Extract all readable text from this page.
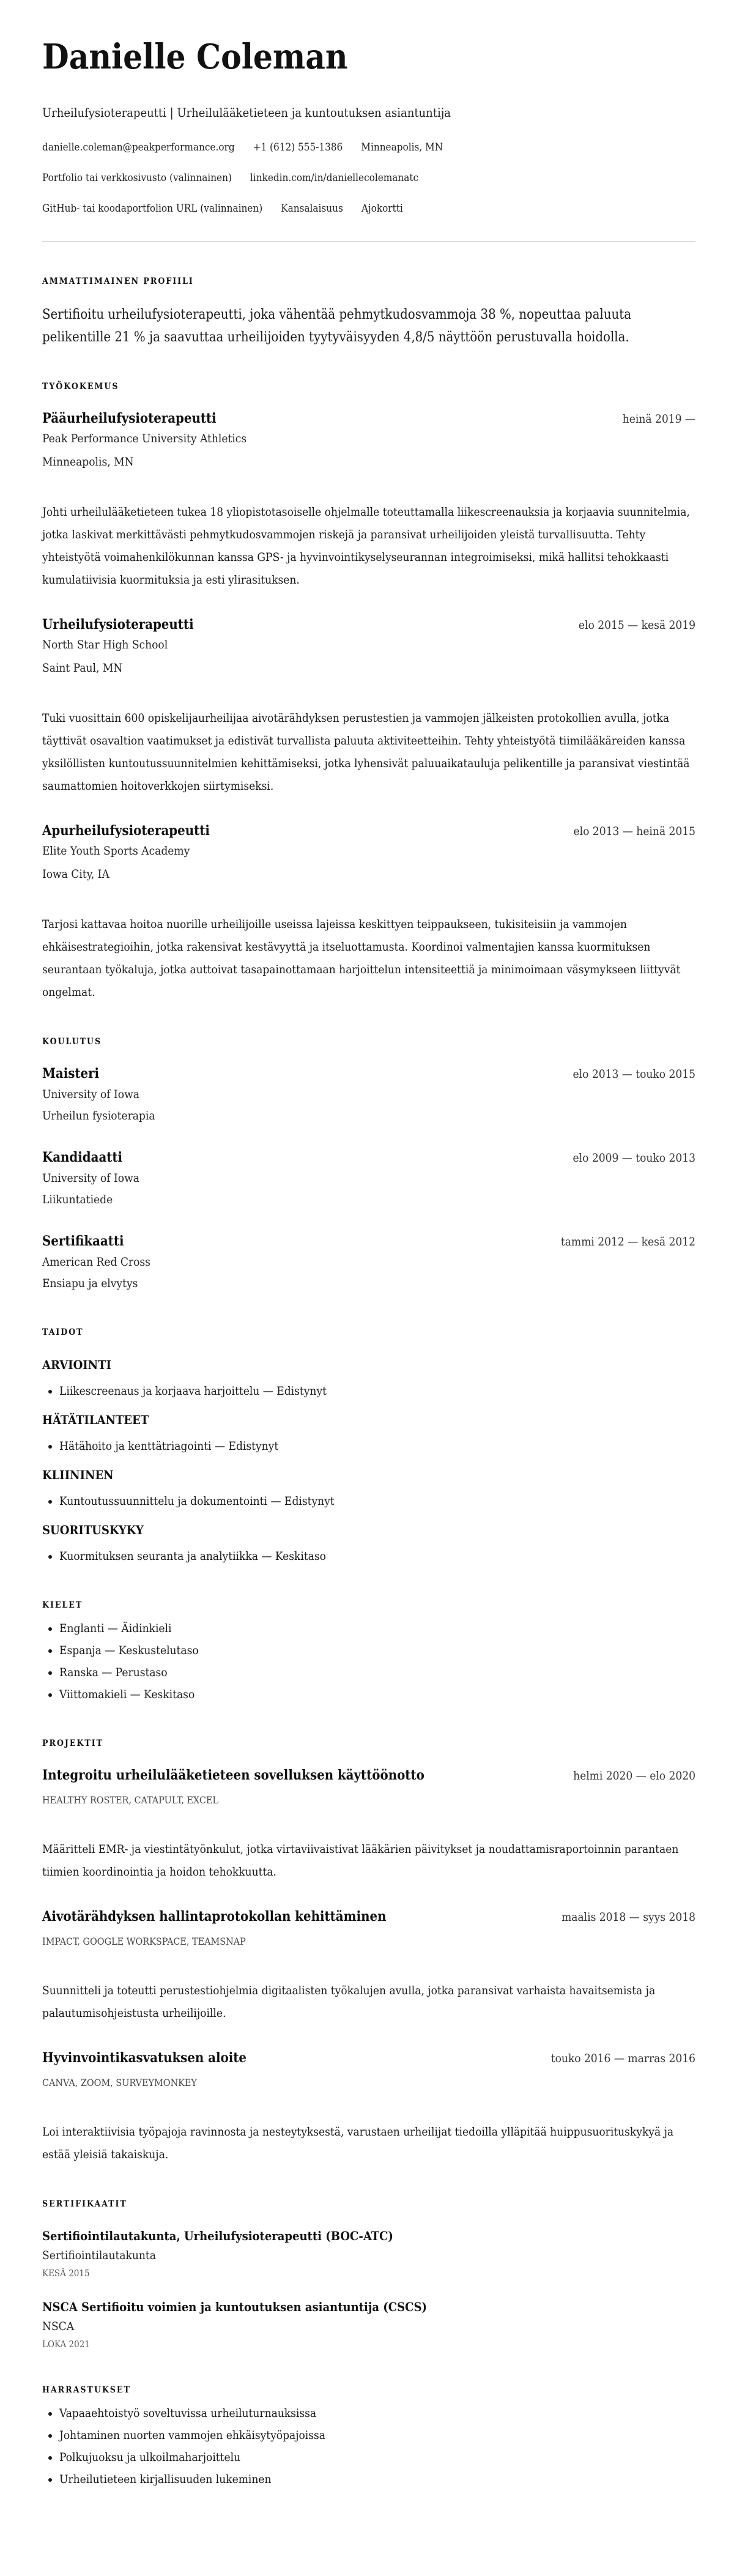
Danielle Coleman
Urheilufysioterapeutti | Urheilulääketieteen ja kuntoutuksen asiantuntija
danielle.coleman@peakperformance.org +1 (612) 555-1386 Minneapolis, MN
Portfolio tai verkkosivusto (valinnainen) linkedin.com/in/daniellecolemanatc
GitHub- tai koodaportfolion URL (valinnainen) Kansalaisuus Ajokortti
AMMATTIMAINEN PROFIILI
Sertifioitu urheilufysioterapeutti, joka vähentää pehmytkudosvammoja 38 %, nopeuttaa paluuta pelikentille 21 % ja saavuttaa urheilijoiden tyytyväisyyden 4,8/5 näyttöön perustuvalla hoidolla.
TYÖKOKEMUS
Pääurheilufysioterapeutti	heinä 2019 —
Peak Performance University Athletics
Minneapolis, MN
Johti urheilulääketieteen tukea 18 yliopistotasoiselle ohjelmalle toteuttamalla liikescreenauksia ja korjaavia suunnitelmia, jotka laskivat merkittävästi pehmytkudosvammojen riskejä ja paransivat urheilijoiden yleistä turvallisuutta. Tehty yhteistyötä voimahenkilökunnan kanssa GPS- ja hyvinvointikyselyseurannan integroimiseksi, mikä hallitsi tehokkaasti kumulatiivisia kuormituksia ja esti ylirasituksen.
Urheilufysioterapeutti	elo 2015 — kesä 2019
North Star High School
Saint Paul, MN
Tuki vuosittain 600 opiskelijaurheilijaa aivotärähdyksen perustestien ja vammojen jälkeisten protokollien avulla, jotka täyttivät osavaltion vaatimukset ja edistivät turvallista paluuta aktiviteetteihin. Tehty yhteistyötä tiimilääkäreiden kanssa yksilöllisten kuntoutussuunnitelmien kehittämiseksi, jotka lyhensivät paluuaikatauluja pelikentille ja paransivat viestintää saumattomien hoitoverkkojen siirtymiseksi.
Apurheilufysioterapeutti	elo 2013 — heinä 2015
Elite Youth Sports Academy
Iowa City, IA
Tarjosi kattavaa hoitoa nuorille urheilijoille useissa lajeissa keskittyen teippaukseen, tukisiteisiin ja vammojen ehkäisestrategioihin, jotka rakensivat kestävyyttä ja itseluottamusta. Koordinoi valmentajien kanssa kuormituksen seurantaan työkaluja, jotka auttoivat tasapainottamaan harjoittelun intensiteettiä ja minimoimaan väsymykseen liittyvät ongelmat.
KOULUTUS
Maisteri	elo 2013 — touko 2015
University of Iowa
Urheilun fysioterapia
Kandidaatti	elo 2009 — touko 2013
University of Iowa
Liikuntatiede
Sertifikaatti	tammi 2012 — kesä 2012
American Red Cross
Ensiapu ja elvytys
TAIDOT
ARVIOINTI
• Liikescreenaus ja korjaava harjoittelu — Edistynyt
HÄTÄTILANTEET
• Hätähoito ja kenttätriagointi — Edistynyt
KLIININEN
• Kuntoutussuunnittelu ja dokumentointi — Edistynyt
SUORITUSKYKY
• Kuormituksen seuranta ja analytiikka — Keskitaso
KIELET
• Englanti — Äidinkieli
• Espanja — Keskustelutaso
• Ranska — Perustaso
• Viittomakieli — Keskitaso
PROJEKTIT
Integroitu urheilulääketieteen sovelluksen käyttöönotto	helmi 2020 — elo 2020
HEALTHY ROSTER, CATAPULT, EXCEL
Määritteli EMR- ja viestintätyönkulut, jotka virtaviivaistivat lääkärien päivitykset ja noudattamisraportoinnin parantaen tiimien koordinointia ja hoidon tehokkuutta.
Aivotärähdyksen hallintaprotokollan kehittäminen	maalis 2018 — syys 2018
IMPACT, GOOGLE WORKSPACE, TEAMSNAP
Suunnitteli ja toteutti perustestiohjelmia digitaalisten työkalujen avulla, jotka paransivat varhaista havaitsemista ja palautumisohjeistusta urheilijoille.
Hyvinvointikasvatuksen aloite	touko 2016 — marras 2016
CANVA, ZOOM, SURVEYMONKEY
Loi interaktiivisia työpajoja ravinnosta ja nesteytyksestä, varustaen urheilijat tiedoilla ylläpitää huippusuorituskykyä ja estää yleisiä takaiskuja.
SERTIFIKAATIT
Sertifiointilautakunta, Urheilufysioterapeutti (BOC-ATC)
Sertifiointilautakunta
KESÄ 2015
NSCA Sertifioitu voimien ja kuntoutuksen asiantuntija (CSCS)
NSCA
LOKA 2021
HARRASTUKSET
• Vapaaehtoistyö soveltuvissa urheiluturnauksissa
• Johtaminen nuorten vammojen ehkäisytyöpajoissa
• Polkujuoksu ja ulkoilmaharjoittelu
• Urheilutieteen kirjallisuuden lukeminen
